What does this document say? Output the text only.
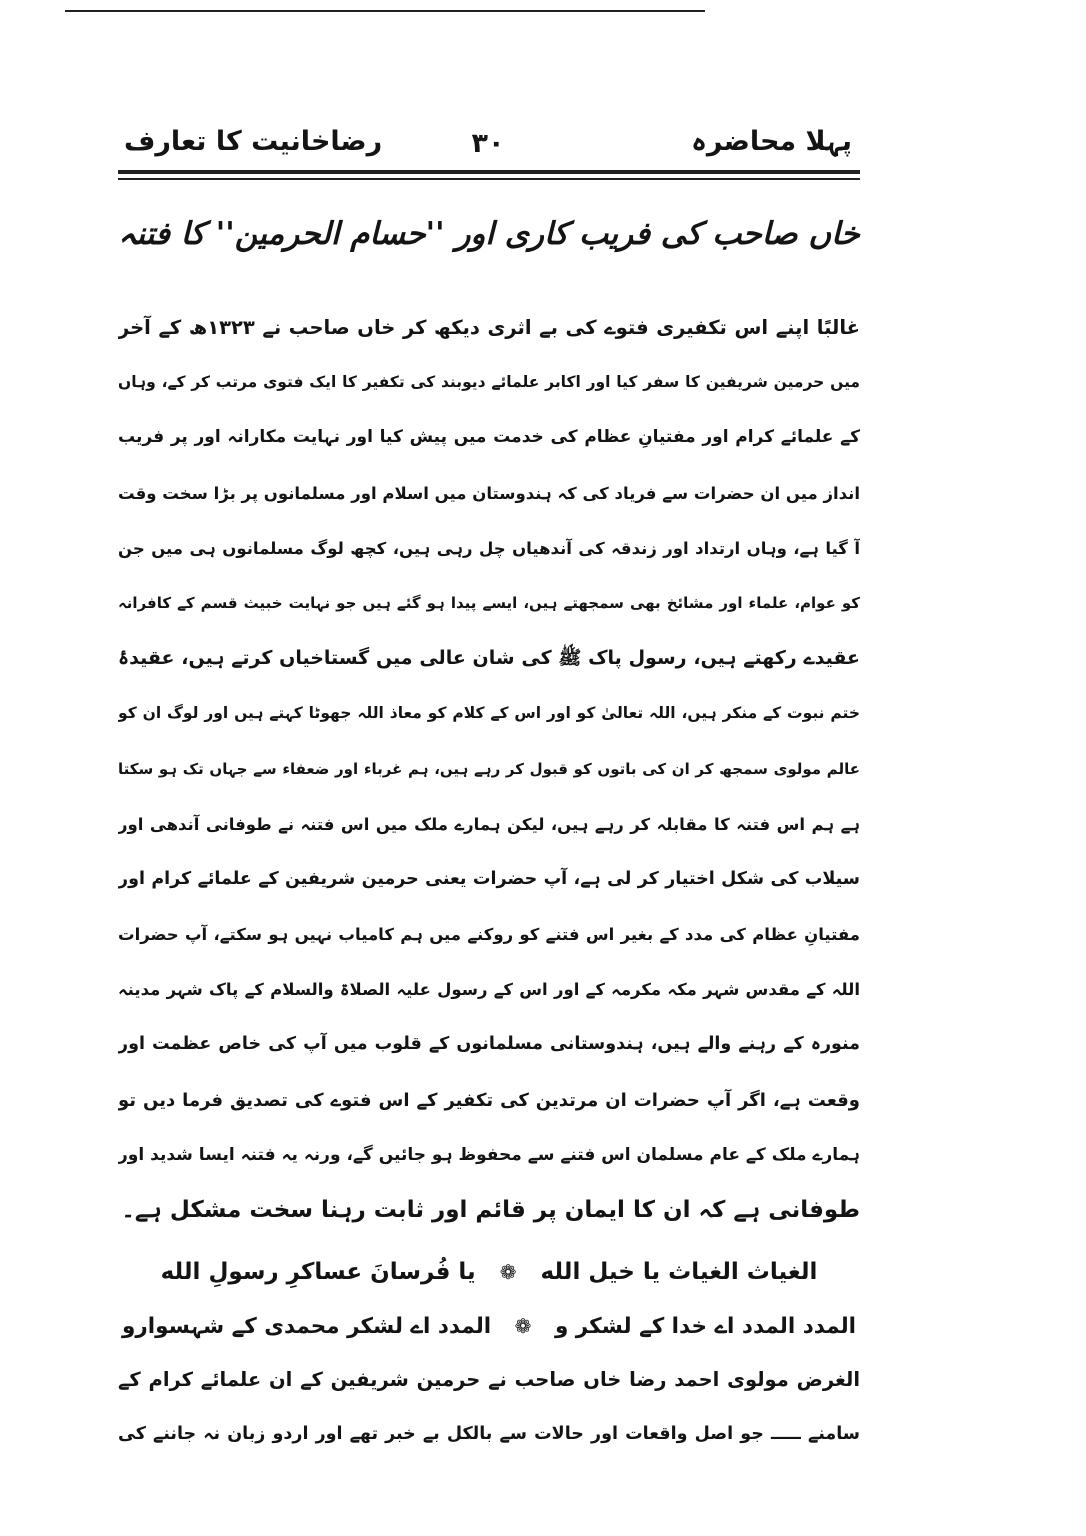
پہلا محاضرہ
۳۰
رضاخانیت کا تعارف
خاں صاحب کی فریب کاری اور ''حسام الحرمین'' کا فتنہ
غالبًا اپنے اس تکفیری فتوے کی بے اثری دیکھ کر خاں صاحب نے ۱۳۲۳ھ کے آخر
میں حرمین شریفین کا سفر کیا اور اکابر علمائے دیوبند کی تکفیر کا ایک فتوی مرتب کر کے، وہاں
کے علمائے کرام اور مفتیانِ عظام کی خدمت میں پیش کیا اور نہایت مکارانہ اور پر فریب
انداز میں ان حضرات سے فریاد کی کہ ہندوستان میں اسلام اور مسلمانوں پر بڑا سخت وقت
آ گیا ہے، وہاں ارتداد اور زندقہ کی آندھیاں چل رہی ہیں، کچھ لوگ مسلمانوں ہی میں جن
کو عوام، علماء اور مشائخ بھی سمجھتے ہیں، ایسے پیدا ہو گئے ہیں جو نہایت خبیث قسم کے کافرانہ
عقیدے رکھتے ہیں، رسول پاک ﷺ کی شان عالی میں گستاخیاں کرتے ہیں، عقیدۂ
ختم نبوت کے منکر ہیں، اللہ تعالیٰ کو اور اس کے کلام کو معاذ اللہ جھوٹا کہتے ہیں اور لوگ ان کو
عالم مولوی سمجھ کر ان کی باتوں کو قبول کر رہے ہیں، ہم غرباء اور ضعفاء سے جہاں تک ہو سکتا
ہے ہم اس فتنہ کا مقابلہ کر رہے ہیں، لیکن ہمارے ملک میں اس فتنہ نے طوفانی آندھی اور
سیلاب کی شکل اختیار کر لی ہے، آپ حضرات یعنی حرمین شریفین کے علمائے کرام اور
مفتیانِ عظام کی مدد کے بغیر اس فتنے کو روکنے میں ہم کامیاب نہیں ہو سکتے، آپ حضرات
اللہ کے مقدس شہر مکہ مکرمہ کے اور اس کے رسول علیہ الصلاۃ والسلام کے پاک شہر مدینہ
منورہ کے رہنے والے ہیں، ہندوستانی مسلمانوں کے قلوب میں آپ کی خاص عظمت اور
وقعت ہے، اگر آپ حضرات ان مرتدین کی تکفیر کے اس فتوے کی تصدیق فرما دیں تو
ہمارے ملک کے عام مسلمان اس فتنے سے محفوظ ہو جائیں گے، ورنہ یہ فتنہ ایسا شدید اور
طوفانی ہے کہ ان کا ایمان پر قائم اور ثابت رہنا سخت مشکل ہے۔
الغياث الغياث يا خيل الله ❁ يا فُرسانَ عساكرِ رسولِ الله
المدد المدد اے خدا کے لشکر و ❁ المدد اے لشکر محمدی کے شہسوارو
الغرض مولوی احمد رضا خاں صاحب نے حرمین شریفین کے ان علمائے کرام کے
سامنے ـــــ جو اصل واقعات اور حالات سے بالکل بے خبر تھے اور اردو زبان نہ جاننے کی
